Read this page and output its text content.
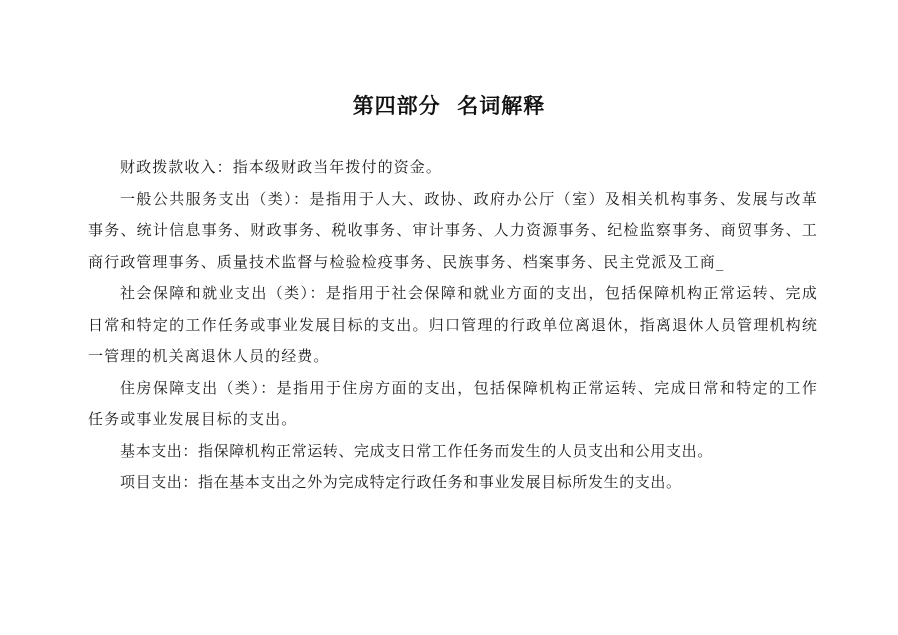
第四部分  名词解释

财政拨款收入：指本级财政当年拨付的资金。

一般公共服务支出（类）：是指用于人大、政协、政府办公厅（室）及相关机构事务、发展与改革事务、统计信息事务、财政事务、税收事务、审计事务、人力资源事务、纪检监察事务、商贸事务、工商行政管理事务、质量技术监督与检验检疫事务、民族事务、档案事务、民主党派及工商_

社会保障和就业支出（类）：是指用于社会保障和就业方面的支出，包括保障机构正常运转、完成日常和特定的工作任务或事业发展目标的支出。归口管理的行政单位离退休，指离退休人员管理机构统一管理的机关离退休人员的经费。

住房保障支出（类）：是指用于住房方面的支出，包括保障机构正常运转、完成日常和特定的工作任务或事业发展目标的支出。

基本支出：指保障机构正常运转、完成支日常工作任务而发生的人员支出和公用支出。

项目支出：指在基本支出之外为完成特定行政任务和事业发展目标所发生的支出。
